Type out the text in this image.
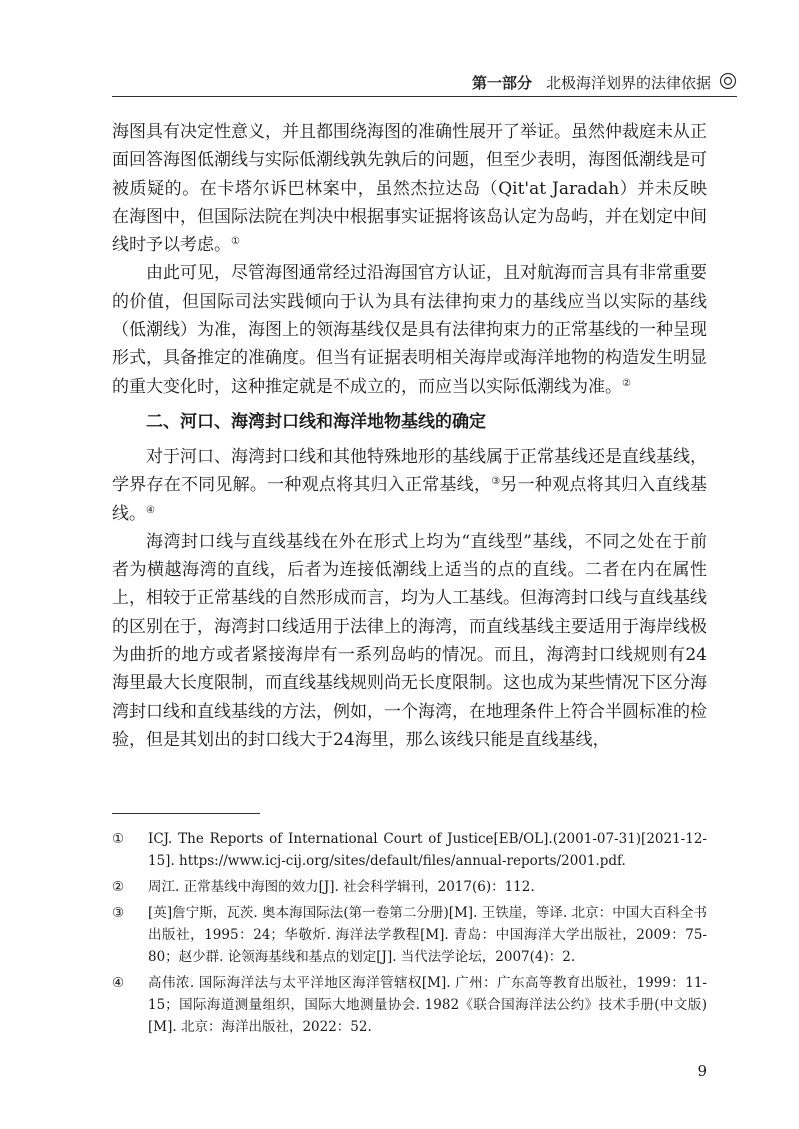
第一部分 北极海洋划界的法律依据

海图具有决定性意义，并且都围绕海图的准确性展开了举证。虽然仲裁庭未从正面回答海图低潮线与实际低潮线孰先孰后的问题，但至少表明，海图低潮线是可被质疑的。在卡塔尔诉巴林案中，虽然杰拉达岛（Qit'at Jaradah）并未反映在海图中，但国际法院在判决中根据事实证据将该岛认定为岛屿，并在划定中间线时予以考虑。①

由此可见，尽管海图通常经过沿海国官方认证，且对航海而言具有非常重要的价值，但国际司法实践倾向于认为具有法律拘束力的基线应当以实际的基线（低潮线）为准，海图上的领海基线仅是具有法律拘束力的正常基线的一种呈现形式，具备推定的准确度。但当有证据表明相关海岸或海洋地物的构造发生明显的重大变化时，这种推定就是不成立的，而应当以实际低潮线为准。②

二、河口、海湾封口线和海洋地物基线的确定

对于河口、海湾封口线和其他特殊地形的基线属于正常基线还是直线基线，学界存在不同见解。一种观点将其归入正常基线，③另一种观点将其归入直线基线。④

海湾封口线与直线基线在外在形式上均为“直线型”基线，不同之处在于前者为横越海湾的直线，后者为连接低潮线上适当的点的直线。二者在内在属性上，相较于正常基线的自然形成而言，均为人工基线。但海湾封口线与直线基线的区别在于，海湾封口线适用于法律上的海湾，而直线基线主要适用于海岸线极为曲折的地方或者紧接海岸有一系列岛屿的情况。而且，海湾封口线规则有24海里最大长度限制，而直线基线规则尚无长度限制。这也成为某些情况下区分海湾封口线和直线基线的方法，例如，一个海湾，在地理条件上符合半圆标准的检验，但是其划出的封口线大于24海里，那么该线只能是直线基线，

① ICJ. The Reports of International Court of Justice[EB/OL].(2001-07-31)[2021-12-15]. https://www.icj-cij.org/sites/default/files/annual-reports/2001.pdf.
② 周江. 正常基线中海图的效力[J]. 社会科学辑刊，2017(6)：112.
③ [英]詹宁斯，瓦茨. 奥本海国际法(第一卷第二分册)[M]. 王铁崖，等译. 北京：中国大百科全书出版社，1995：24；华敬炘. 海洋法学教程[M]. 青岛：中国海洋大学出版社，2009：75-80；赵少群. 论领海基线和基点的划定[J]. 当代法学论坛，2007(4)：2.
④ 高伟浓. 国际海洋法与太平洋地区海洋管辖权[M]. 广州：广东高等教育出版社，1999：11-15；国际海道测量组织，国际大地测量协会. 1982《联合国海洋法公约》技术手册(中文版)[M]. 北京：海洋出版社，2022：52.
9
